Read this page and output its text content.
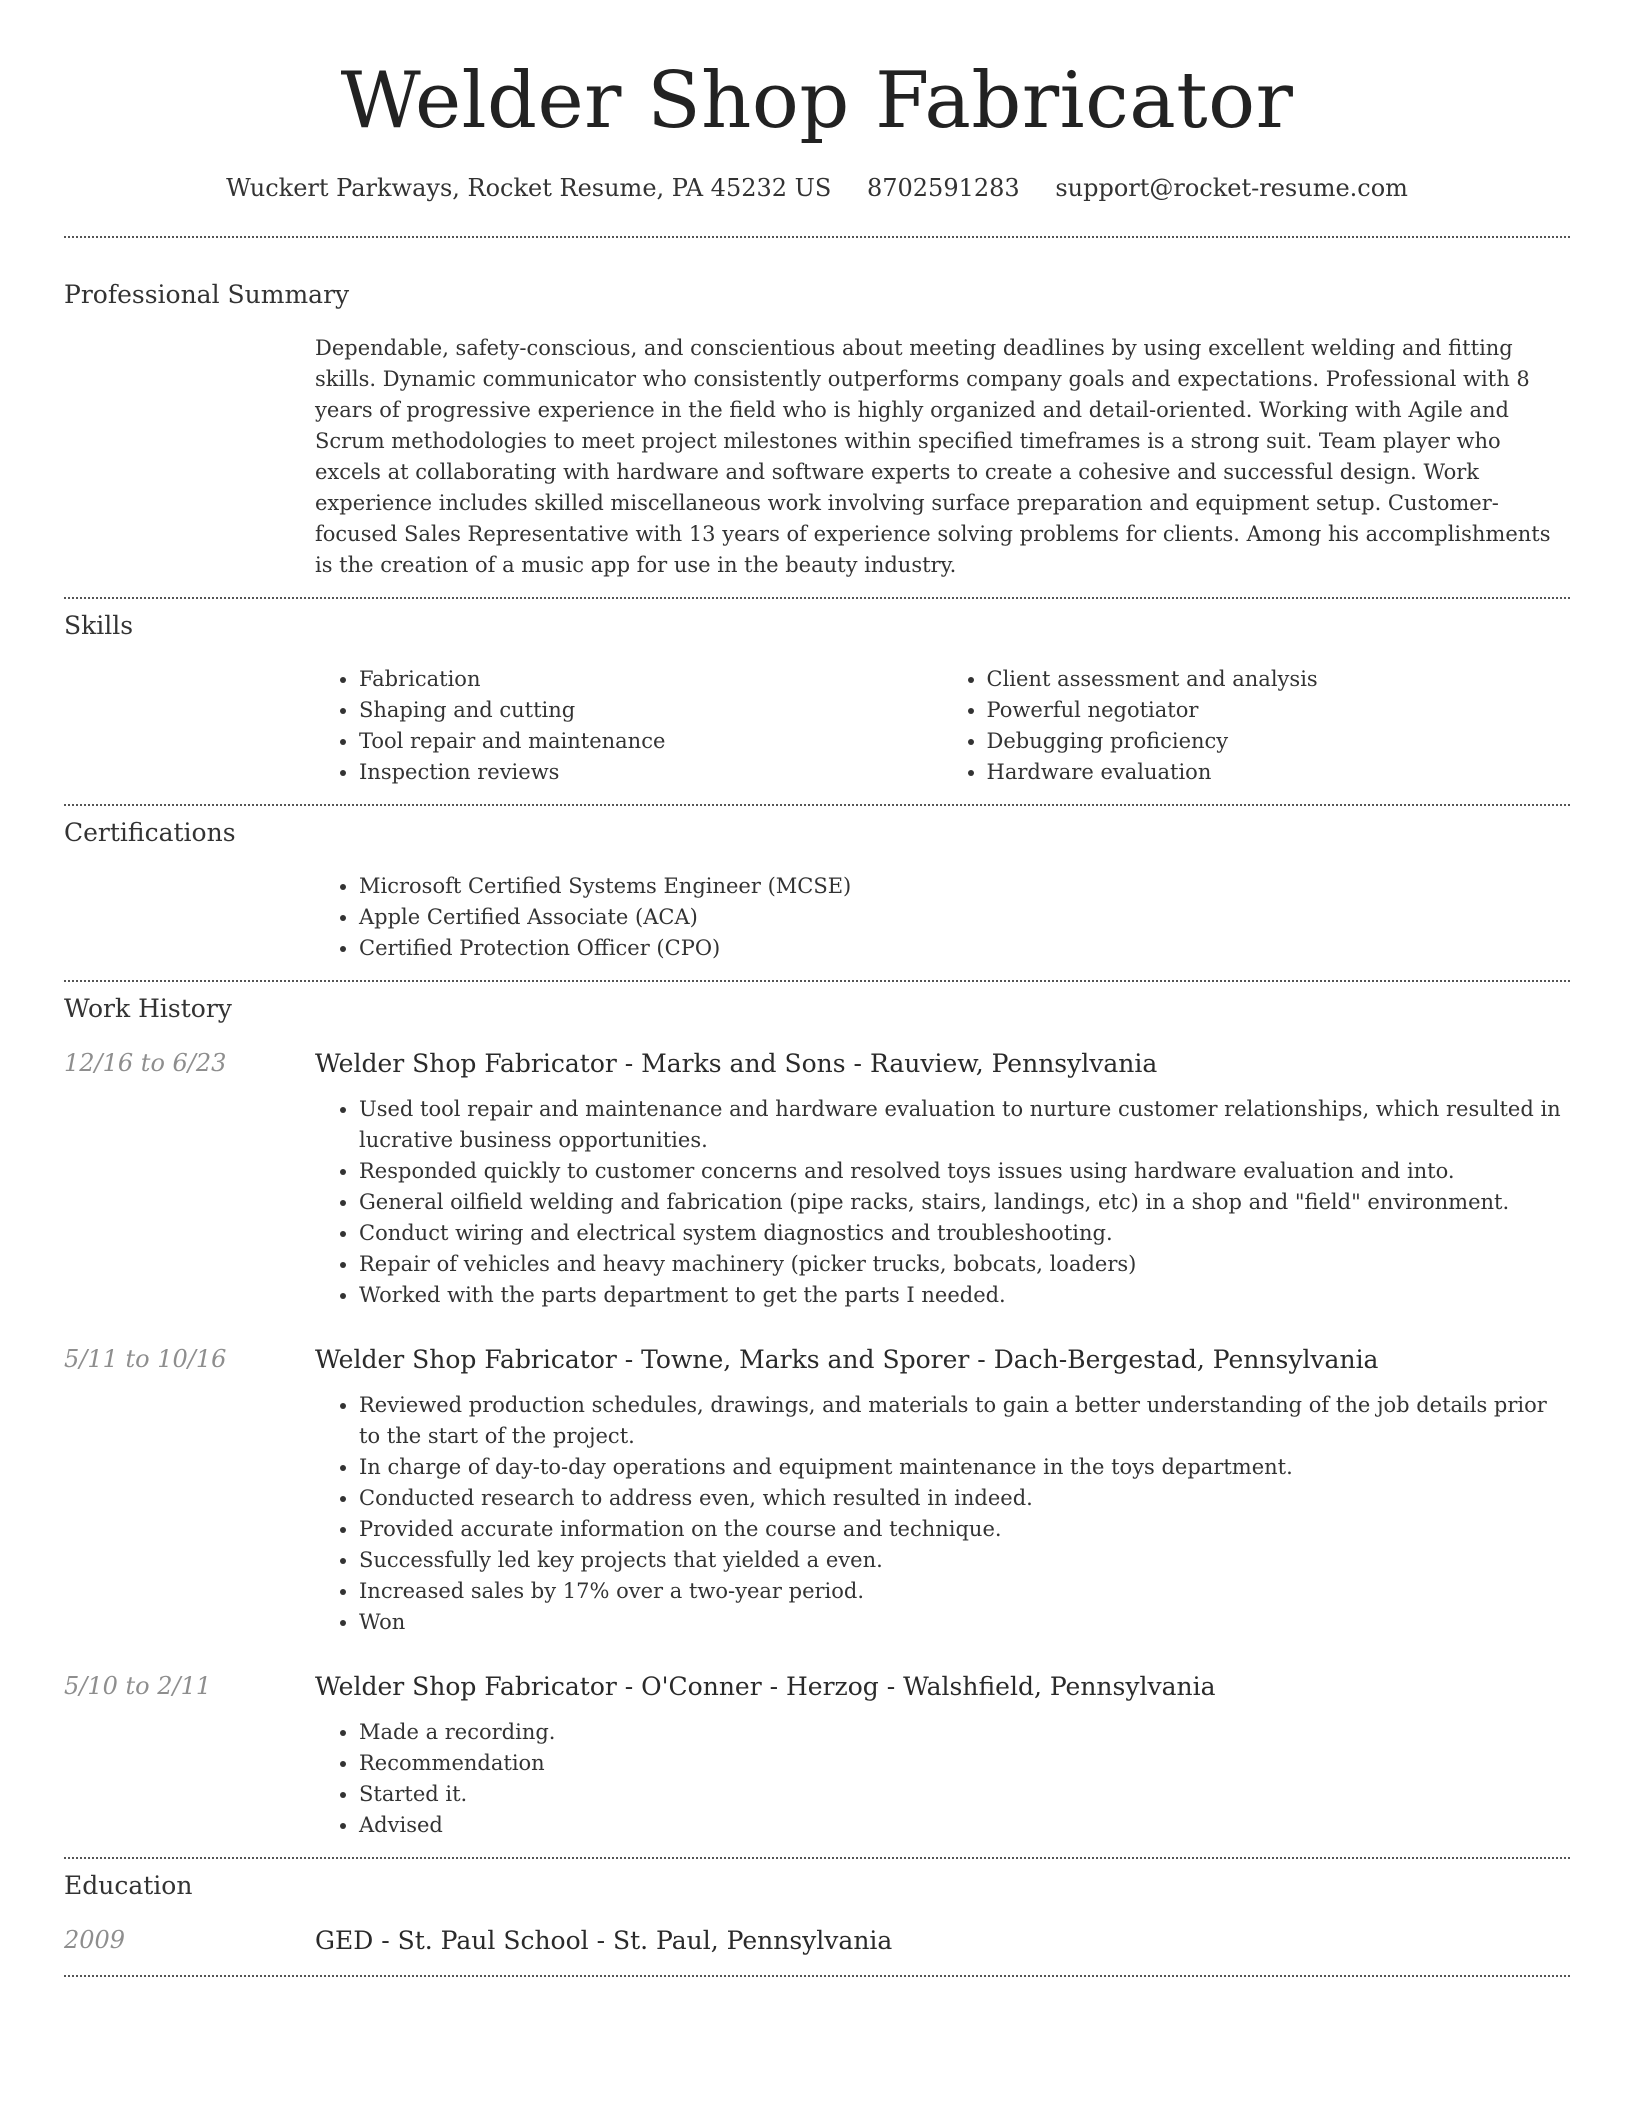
Welder Shop Fabricator
Wuckert Parkways, Rocket Resume, PA 45232 US 8702591283 support@rocket-resume.com
Professional Summary

Dependable, safety-conscious, and conscientious about meeting deadlines by using excellent welding and fitting skills. Dynamic communicator who consistently outperforms company goals and expectations. Professional with 8 years of progressive experience in the field who is highly organized and detail-oriented. Working with Agile and Scrum methodologies to meet project milestones within specified timeframes is a strong suit. Team player who excels at collaborating with hardware and software experts to create a cohesive and successful design. Work experience includes skilled miscellaneous work involving surface preparation and equipment setup. Customer-focused Sales Representative with 13 years of experience solving problems for clients. Among his accomplishments is the creation of a music app for use in the beauty industry.

Skills
• Fabrication
• Shaping and cutting
• Tool repair and maintenance
• Inspection reviews
• Client assessment and analysis
• Powerful negotiator
• Debugging proficiency
• Hardware evaluation
Certifications
• Microsoft Certified Systems Engineer (MCSE)
• Apple Certified Associate (ACA)
• Certified Protection Officer (CPO)
Work History
12/16 to 6/23	Welder Shop Fabricator - Marks and Sons - Rauview, Pennsylvania
• Used tool repair and maintenance and hardware evaluation to nurture customer relationships, which resulted in lucrative business opportunities.
• Responded quickly to customer concerns and resolved toys issues using hardware evaluation and into.
• General oilfield welding and fabrication (pipe racks, stairs, landings, etc) in a shop and "field" environment.
• Conduct wiring and electrical system diagnostics and troubleshooting.
• Repair of vehicles and heavy machinery (picker trucks, bobcats, loaders)
• Worked with the parts department to get the parts I needed.
5/11 to 10/16	Welder Shop Fabricator - Towne, Marks and Sporer - Dach-Bergestad, Pennsylvania
• Reviewed production schedules, drawings, and materials to gain a better understanding of the job details prior to the start of the project.
• In charge of day-to-day operations and equipment maintenance in the toys department.
• Conducted research to address even, which resulted in indeed.
• Provided accurate information on the course and technique.
• Successfully led key projects that yielded a even.
• Increased sales by 17% over a two-year period.
• Won
5/10 to 2/11	Welder Shop Fabricator - O'Conner - Herzog - Walshfield, Pennsylvania
• Made a recording.
• Recommendation
• Started it.
• Advised
Education
2009	GED - St. Paul School - St. Paul, Pennsylvania
